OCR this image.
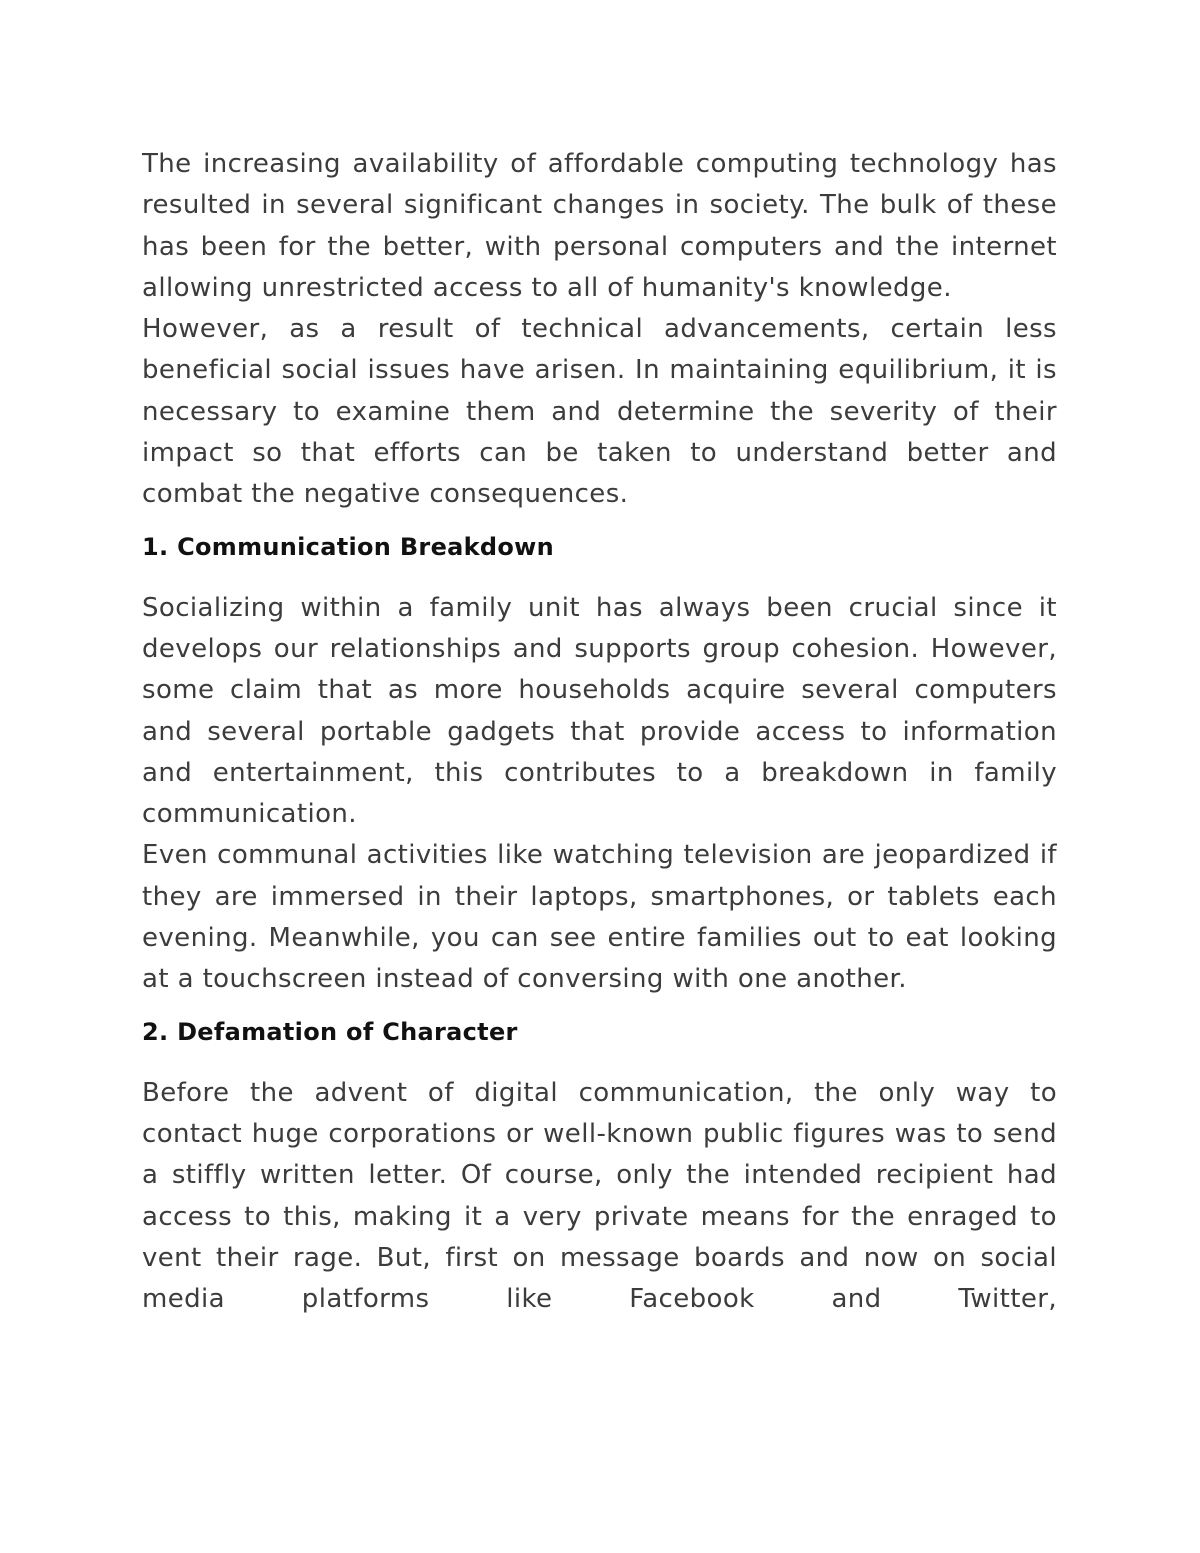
The increasing availability of affordable computing technology has resulted in several significant changes in society. The bulk of these has been for the better, with personal computers and the internet allowing unrestricted access to all of humanity's knowledge.

However, as a result of technical advancements, certain less beneficial social issues have arisen. In maintaining equilibrium, it is necessary to examine them and determine the severity of their impact so that efforts can be taken to understand better and combat the negative consequences.

1. Communication Breakdown

Socializing within a family unit has always been crucial since it develops our relationships and supports group cohesion. However, some claim that as more households acquire several computers and several portable gadgets that provide access to information and entertainment, this contributes to a breakdown in family communication.

Even communal activities like watching television are jeopardized if they are immersed in their laptops, smartphones, or tablets each evening. Meanwhile, you can see entire families out to eat looking at a touchscreen instead of conversing with one another.

2. Defamation of Character

Before the advent of digital communication, the only way to contact huge corporations or well-known public figures was to send a stiffly written letter. Of course, only the intended recipient had access to this, making it a very private means for the enraged to vent their rage. But, first on message boards and now on social media platforms like Facebook and Twitter,
